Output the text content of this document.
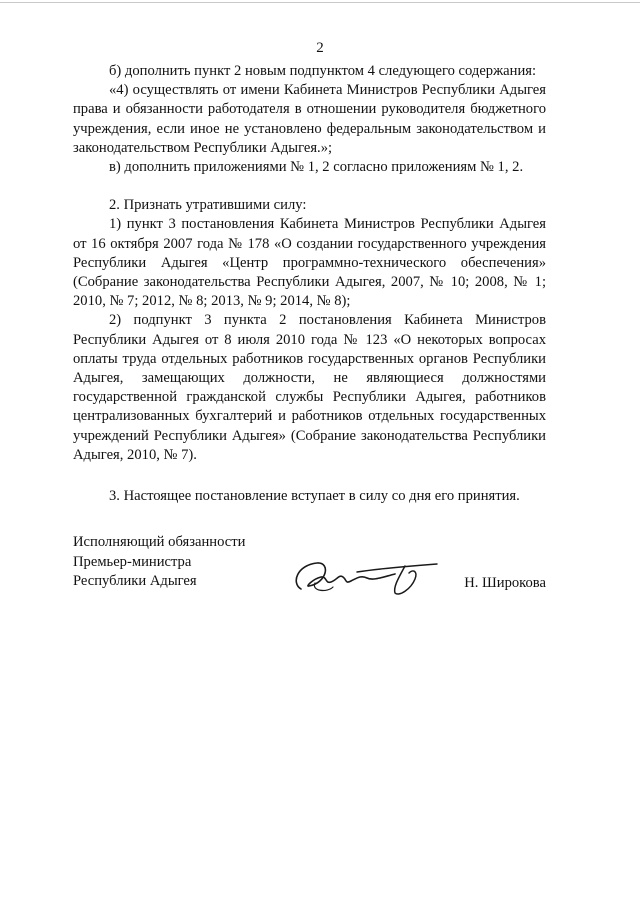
2

б) дополнить пункт 2 новым подпунктом 4 следующего содержания:

«4) осуществлять от имени Кабинета Министров Республики Адыгея права и обязанности работодателя в отношении руководителя бюджетного учреждения, если иное не установлено федеральным законодательством и законодательством Республики Адыгея.»;

в) дополнить приложениями № 1, 2 согласно приложениям № 1, 2.

2. Признать утратившими силу:

1) пункт 3 постановления Кабинета Министров Республики Адыгея от 16 октября 2007 года № 178 «О создании государственного учреждения Республики Адыгея «Центр программно-технического обеспечения» (Собрание законодательства Республики Адыгея, 2007, № 10; 2008, № 1; 2010, № 7; 2012, № 8; 2013, № 9; 2014, № 8);

2) подпункт 3 пункта 2 постановления Кабинета Министров Республики Адыгея от 8 июля 2010 года № 123 «О некоторых вопросах оплаты труда отдельных работников государственных органов Республики Адыгея, замещающих должности, не являющиеся должностями государственной гражданской службы Республики Адыгея, работников централизованных бухгалтерий и работников отдельных государственных учреждений Республики Адыгея» (Собрание законодательства Республики Адыгея, 2010, № 7).

3. Настоящее постановление вступает в силу со дня его принятия.

Исполняющий обязанности
Премьер-министра
Республики Адыгея	Н. Широкова
